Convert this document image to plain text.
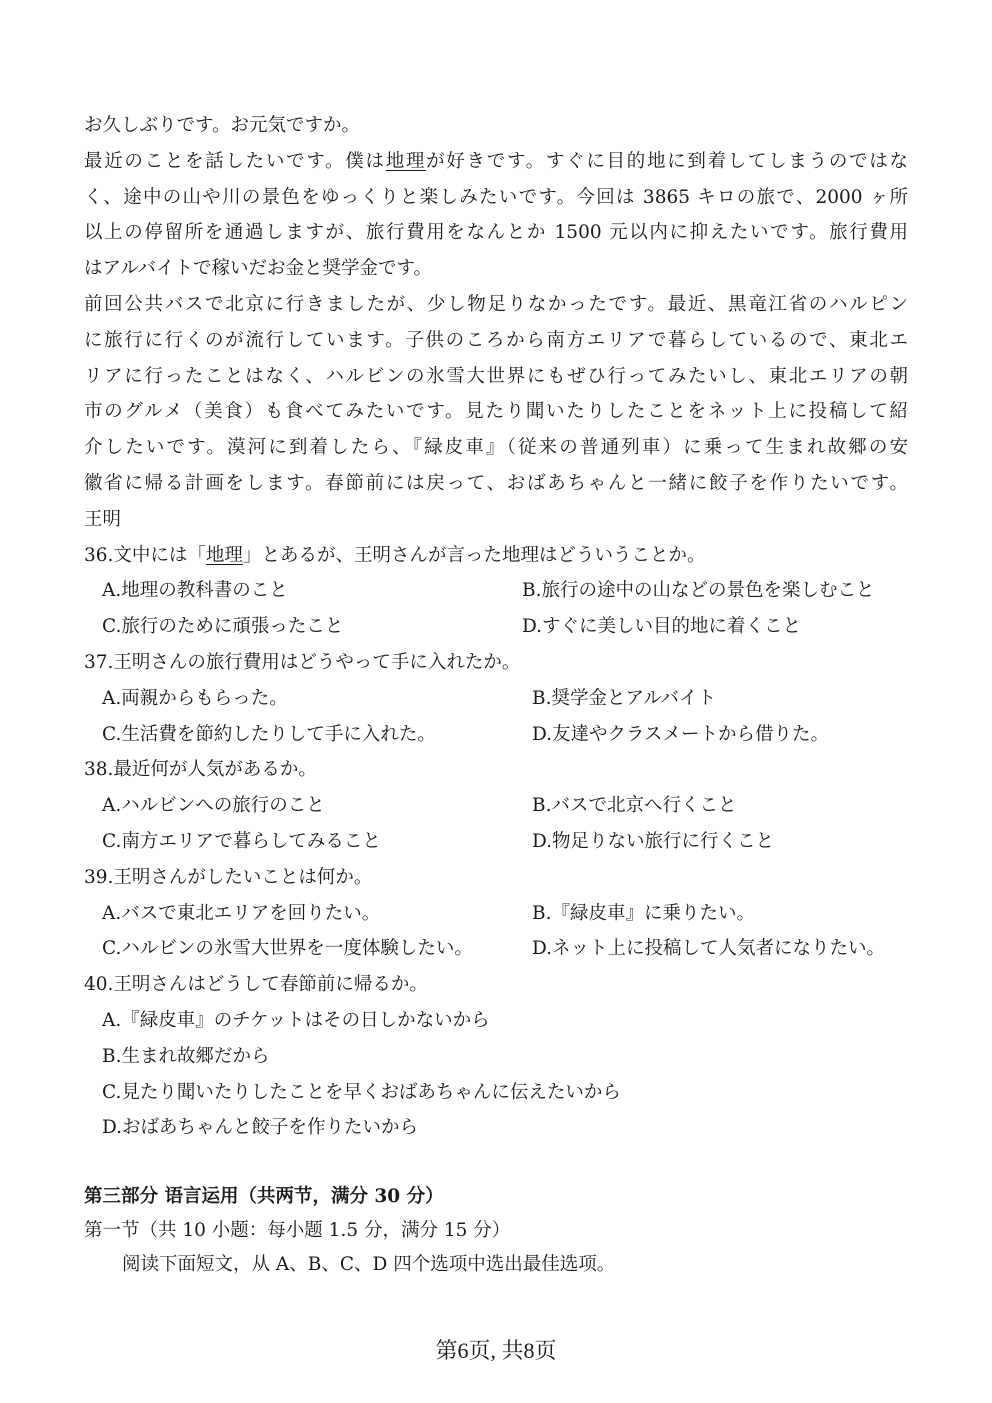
お久しぶりです。お元気ですか。
最近のことを話したいです。僕は地理が好きです。すぐに目的地に到着してしまうのではな
く、途中の山や川の景色をゆっくりと楽しみたいです。今回は 3865 キロの旅で、2000 ヶ所
以上の停留所を通過しますが、旅行費用をなんとか 1500 元以内に抑えたいです。旅行費用
はアルバイトで稼いだお金と奨学金です。
前回公共バスで北京に行きましたが、少し物足りなかったです。最近、黒竜江省のハルピン
に旅行に行くのが流行しています。子供のころから南方エリアで暮らしているので、東北エ
リアに行ったことはなく、ハルビンの氷雪大世界にもぜひ行ってみたいし、東北エリアの朝
市のグルメ（美食）も食べてみたいです。見たり聞いたりしたことをネット上に投稿して紹
介したいです。漠河に到着したら、『緑皮車』（従来の普通列車）に乗って生まれ故郷の安
徽省に帰る計画をします。春節前には戻って、おばあちゃんと一緒に餃子を作りたいです。
王明
36.文中には「地理」とあるが、王明さんが言った地理はどういうことか。
A.地理の教科書のこと	B.旅行の途中の山などの景色を楽しむこと
C.旅行のために頑張ったこと	D.すぐに美しい目的地に着くこと
37.王明さんの旅行費用はどうやって手に入れたか。
A.両親からもらった。	B.奨学金とアルバイト
C.生活費を節約したりして手に入れた。	D.友達やクラスメートから借りた。
38.最近何が人気があるか。
A.ハルビンへの旅行のこと	B.バスで北京へ行くこと
C.南方エリアで暮らしてみること	D.物足りない旅行に行くこと
39.王明さんがしたいことは何か。
A.バスで東北エリアを回りたい。	B.『緑皮車』に乗りたい。
C.ハルビンの氷雪大世界を一度体験したい。	D.ネット上に投稿して人気者になりたい。
40.王明さんはどうして春節前に帰るか。
A.『緑皮車』のチケットはその日しかないから
B.生まれ故郷だから
C.見たり聞いたりしたことを早くおばあちゃんに伝えたいから
D.おばあちゃんと餃子を作りたいから
第三部分 语言运用（共两节，满分 30 分）
第一节（共 10 小题：每小题 1.5 分，满分 15 分）
阅读下面短文，从 A、B、C、D 四个选项中选出最佳选项。
第6页, 共8页
